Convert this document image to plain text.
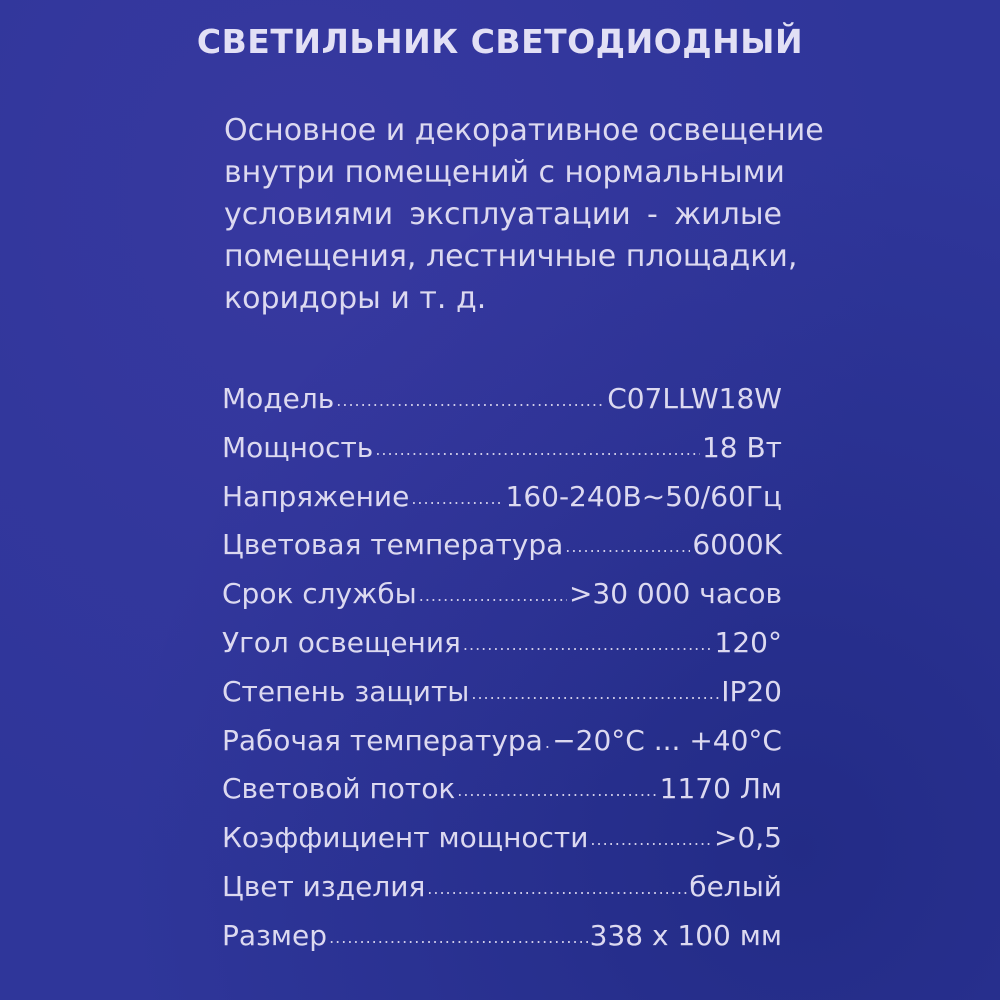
СВЕТИЛЬНИК СВЕТОДИОДНЫЙ
Основное и декоративное освещение
внутри помещений с нормальными
условиями эксплуатации - жилые
помещения, лестничные площадки,
коридоры и т. д.
Модель .....	C07LLW18W
Мощность .....	18 Вт
Напряжение .....	160-240В~50/60Гц
Цветовая температура .....	6000K
Срок службы .....	>30 000 часов
Угол освещения .....	120°
Степень защиты .....	IP20
Рабочая температура ..... −20°C ... +40°C
Световой поток .....	1170 Лм
Коэффициент мощности .....	>0,5
Цвет изделия .....	белый
Размер .....	338 х 100 мм
